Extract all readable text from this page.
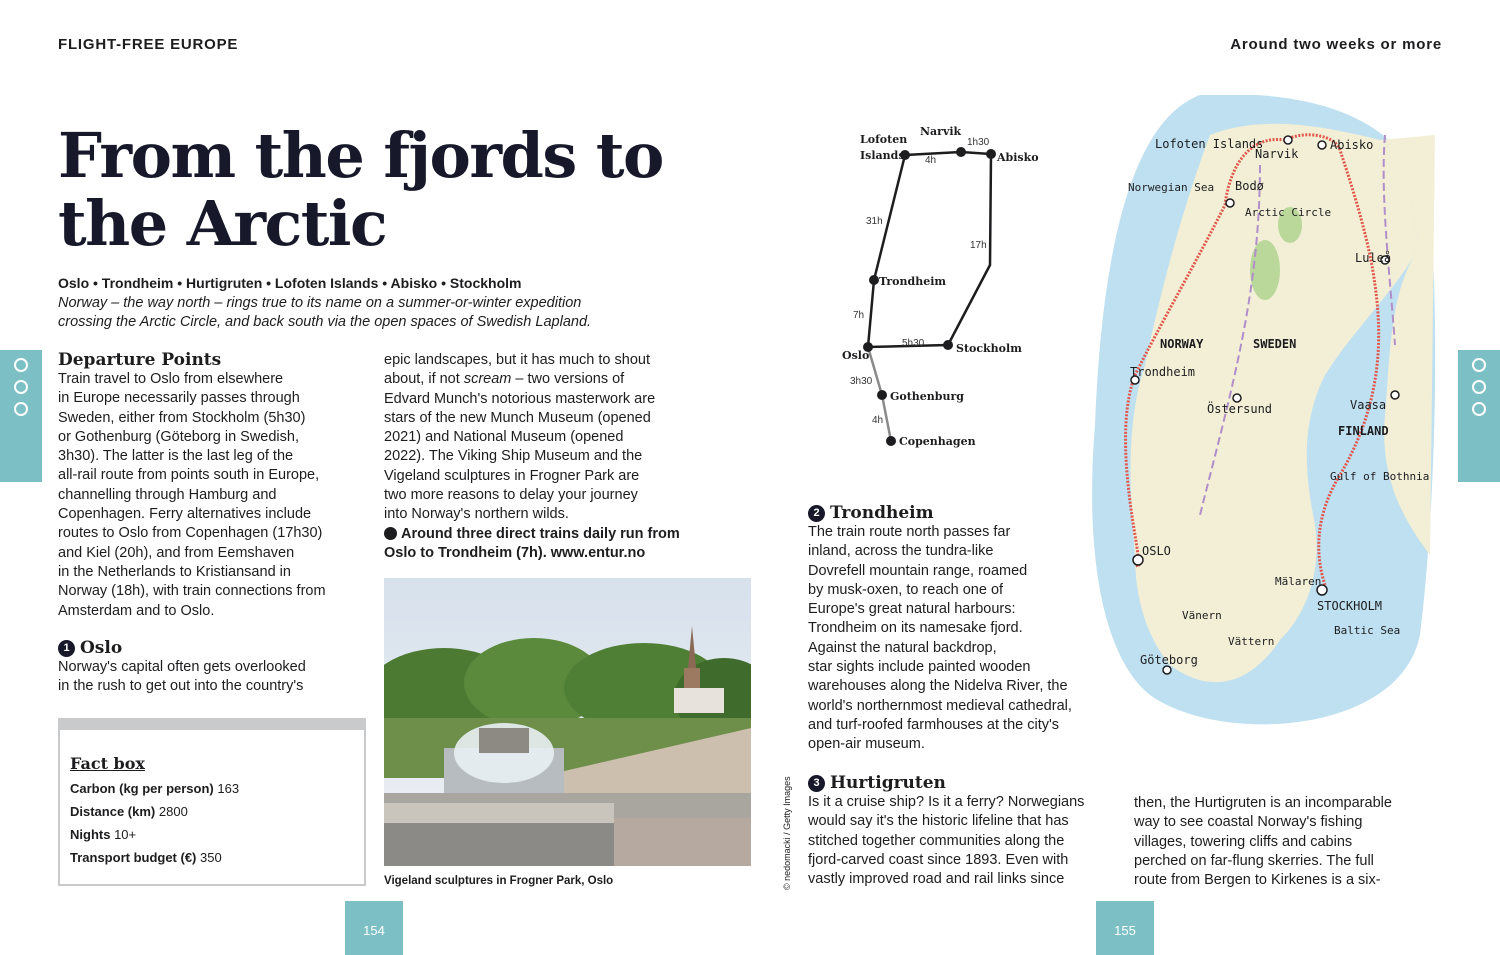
FLIGHT-FREE EUROPE	Around two weeks or more
From the fjords to the Arctic
Oslo • Trondheim • Hurtigruten • Lofoten Islands • Abisko • Stockholm
Norway – the way north – rings true to its name on a summer-or-winter expedition
crossing the Arctic Circle, and back south via the open spaces of Swedish Lapland.
Departure Points
Train travel to Oslo from elsewhere
in Europe necessarily passes through
Sweden, either from Stockholm (5h30)
or Gothenburg (Göteborg in Swedish,
3h30). The latter is the last leg of the
all-rail route from points south in Europe,
channelling through Hamburg and
Copenhagen. Ferry alternatives include
routes to Oslo from Copenhagen (17h30)
and Kiel (20h), and from Eemshaven
in the Netherlands to Kristiansand in
Norway (18h), with train connections from
Amsterdam and to Oslo.
1 Oslo
Norway's capital often gets overlooked
in the rush to get out into the country's
Fact box
Carbon (kg per person) 163
Distance (km) 2800
Nights 10+
Transport budget (€) 350
epic landscapes, but it has much to shout
about, if not scream – two versions of
Edvard Munch's notorious masterwork are
stars of the new Munch Museum (opened
2021) and National Museum (opened
2022). The Viking Ship Museum and the
Vigeland sculptures in Frogner Park are
two more reasons to delay your journey
into Norway's northern wilds.
Around three direct trains daily run from
Oslo to Trondheim (7h). www.entur.no
Vigeland sculptures in Frogner Park, Oslo	© nedomacki / Getty Images
154	155
Lofoten
Islands
Narvik
Abisko
Trondheim
Stockholm
Oslo
Gothenburg
Copenhagen
4h
1h30
31h
17h
7h
5h30
3h30
4h
Lofoten Islands
Narvik
Abisko
Norwegian Sea Bodø
Arctic Circle
Luleå
NORWAY	SWEDEN
Trondheim
Östersund	Vaasa
FINLAND
Gulf of Bothnia
OSLO
Mälaren
STOCKHOLM
Vänern
Baltic Sea
Vättern
Göteborg
2 Trondheim
The train route north passes far
inland, across the tundra-like
Dovrefell mountain range, roamed
by musk-oxen, to reach one of
Europe's great natural harbours:
Trondheim on its namesake fjord.
Against the natural backdrop,
star sights include painted wooden
warehouses along the Nidelva River, the
world's northernmost medieval cathedral,
and turf-roofed farmhouses at the city's
open-air museum.
3 Hurtigruten
Is it a cruise ship? Is it a ferry? Norwegians
would say it's the historic lifeline that has
stitched together communities along the
fjord-carved coast since 1893. Even with
vastly improved road and rail links since
then, the Hurtigruten is an incomparable
way to see coastal Norway's fishing
villages, towering cliffs and cabins
perched on far-flung skerries. The full
route from Bergen to Kirkenes is a six-
